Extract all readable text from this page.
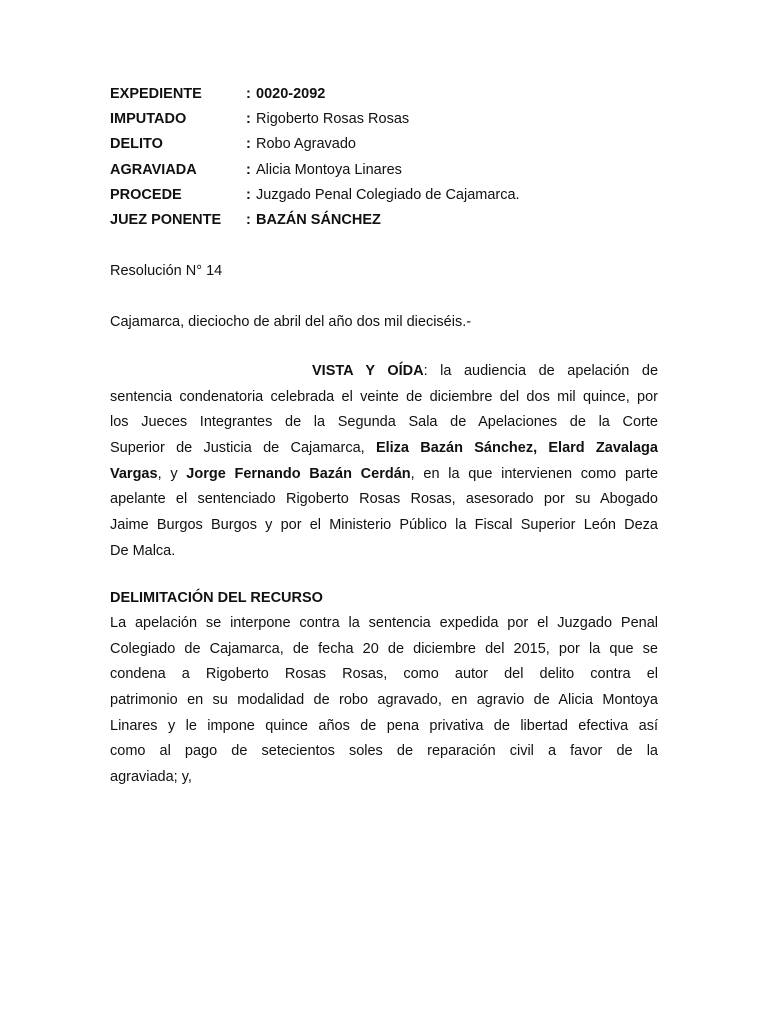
EXPEDIENTE	: 0020-2092
IMPUTADO	: Rigoberto Rosas Rosas
DELITO	: Robo Agravado
AGRAVIADA	: Alicia Montoya Linares
PROCEDE	: Juzgado Penal Colegiado de Cajamarca.
JUEZ PONENTE : BAZÁN SÁNCHEZ
Resolución N° 14
Cajamarca, dieciocho de abril del año dos mil dieciséis.-
VISTA Y OÍDA: la audiencia de apelación de
sentencia condenatoria celebrada el veinte de diciembre del dos mil quince, por
los Jueces Integrantes de la Segunda Sala de Apelaciones de la Corte
Superior de Justicia de Cajamarca, Eliza Bazán Sánchez, Elard Zavalaga
Vargas, y Jorge Fernando Bazán Cerdán, en la que intervienen como parte
apelante el sentenciado Rigoberto Rosas Rosas, asesorado por su Abogado
Jaime Burgos Burgos y por el Ministerio Público la Fiscal Superior León Deza
De Malca.
DELIMITACIÓN DEL RECURSO
La apelación se interpone contra la sentencia expedida por el Juzgado Penal
Colegiado de Cajamarca, de fecha 20 de diciembre del 2015, por la que se
condena a Rigoberto Rosas Rosas, como autor del delito contra el
patrimonio en su modalidad de robo agravado, en agravio de Alicia Montoya
Linares y le impone quince años de pena privativa de libertad efectiva así
como al pago de setecientos soles de reparación civil a favor de la
agraviada; y,
